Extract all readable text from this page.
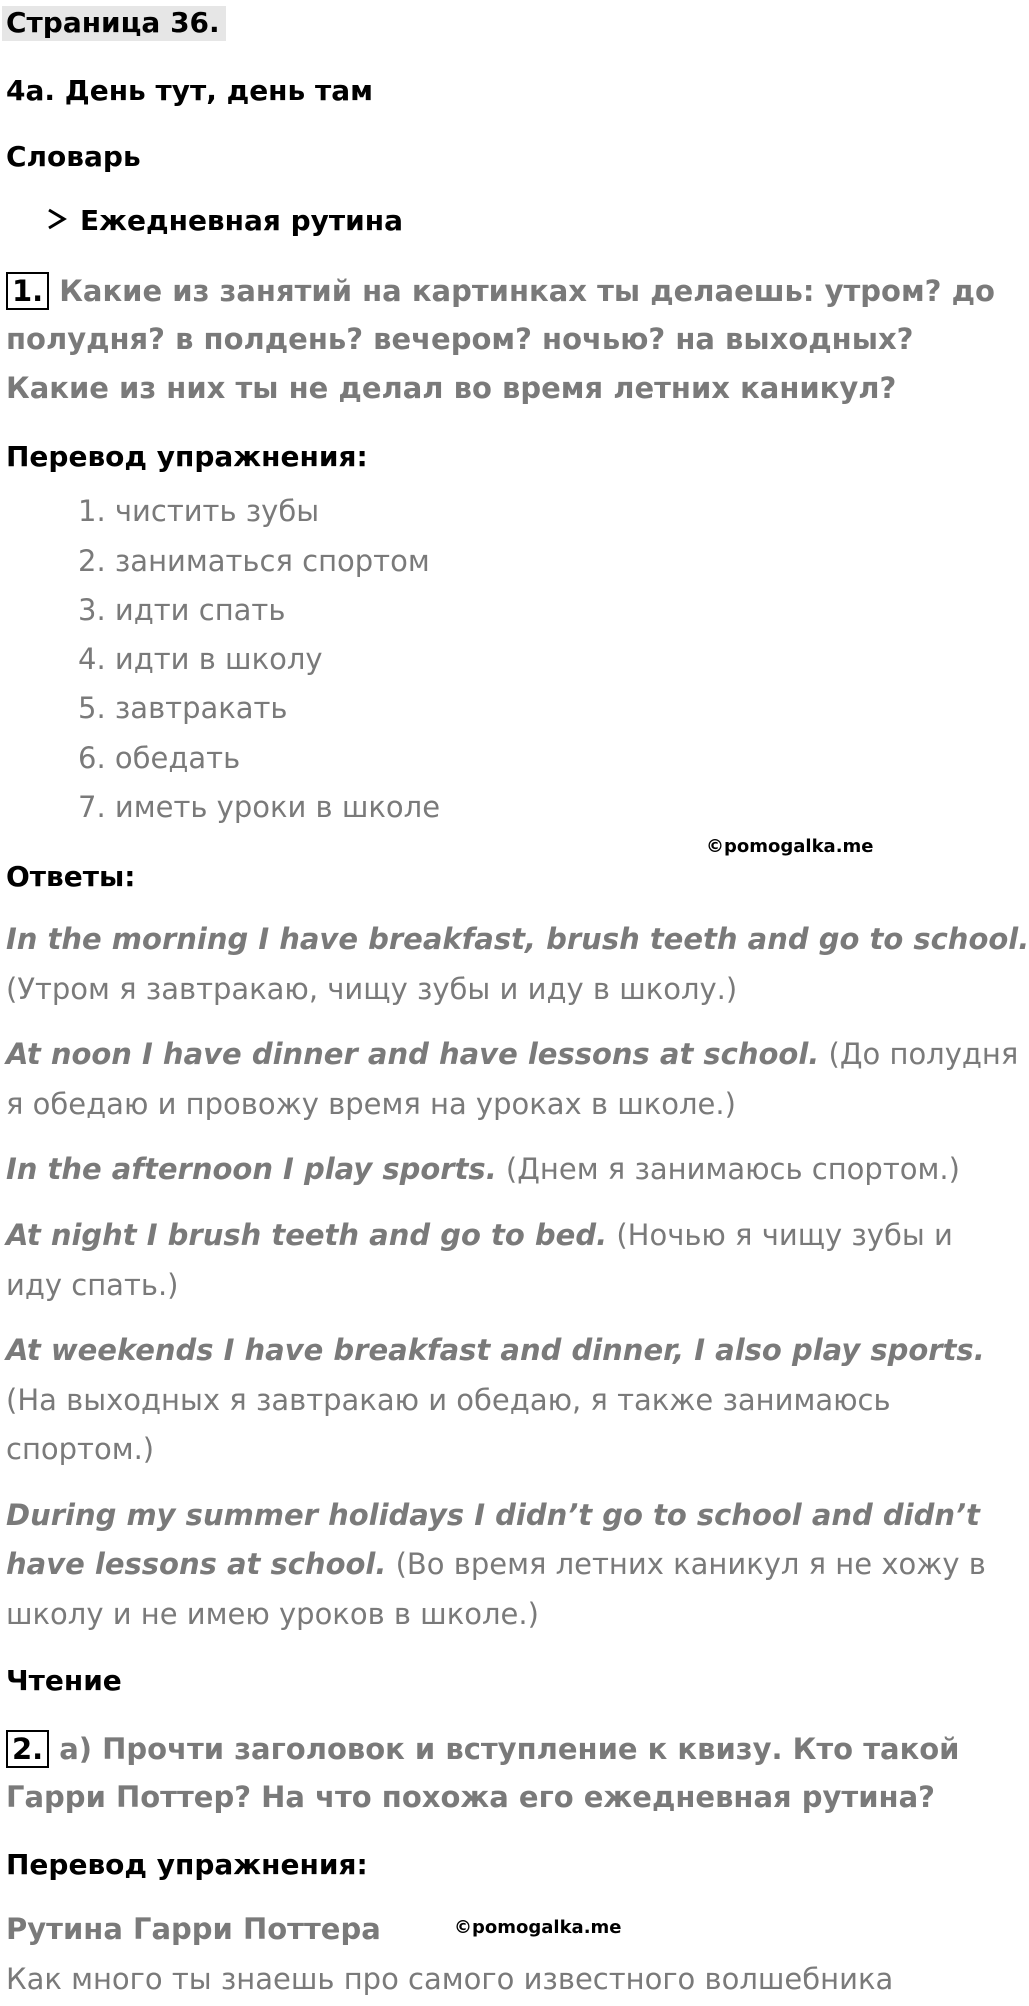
Страница 36.
4a. День тут, день там
Словарь
Ежедневная рутина
1. Какие из занятий на картинках ты делаешь: утром? до
полудня? в полдень? вечером? ночью? на выходных?
Какие из них ты не делал во время летних каникул?
Перевод упражнения:
1. чистить зубы
2. заниматься спортом
3. идти спать
4. идти в школу
5. завтракать
6. обедать
7. иметь уроки в школе
©pomogalka.me
Ответы:
In the morning I have breakfast, brush teeth and go to school.
(Утром я завтракаю, чищу зубы и иду в школу.)
At noon I have dinner and have lessons at school. (До полудня
я обедаю и провожу время на уроках в школе.)
In the afternoon I play sports. (Днем я занимаюсь спортом.)
At night I brush teeth and go to bed. (Ночью я чищу зубы и
иду спать.)
At weekends I have breakfast and dinner, I also play sports.
(На выходных я завтракаю и обедаю, я также занимаюсь
спортом.)
During my summer holidays I didn’t go to school and didn’t
have lessons at school. (Во время летних каникул я не хожу в
школу и не имею уроков в школе.)
Чтение
2. a) Прочти заголовок и вступление к квизу. Кто такой
Гарри Поттер? На что похожа его ежедневная рутина?
Перевод упражнения:
Рутина Гарри Поттера	©pomogalka.me
Как много ты знаешь про самого известного волшебника
